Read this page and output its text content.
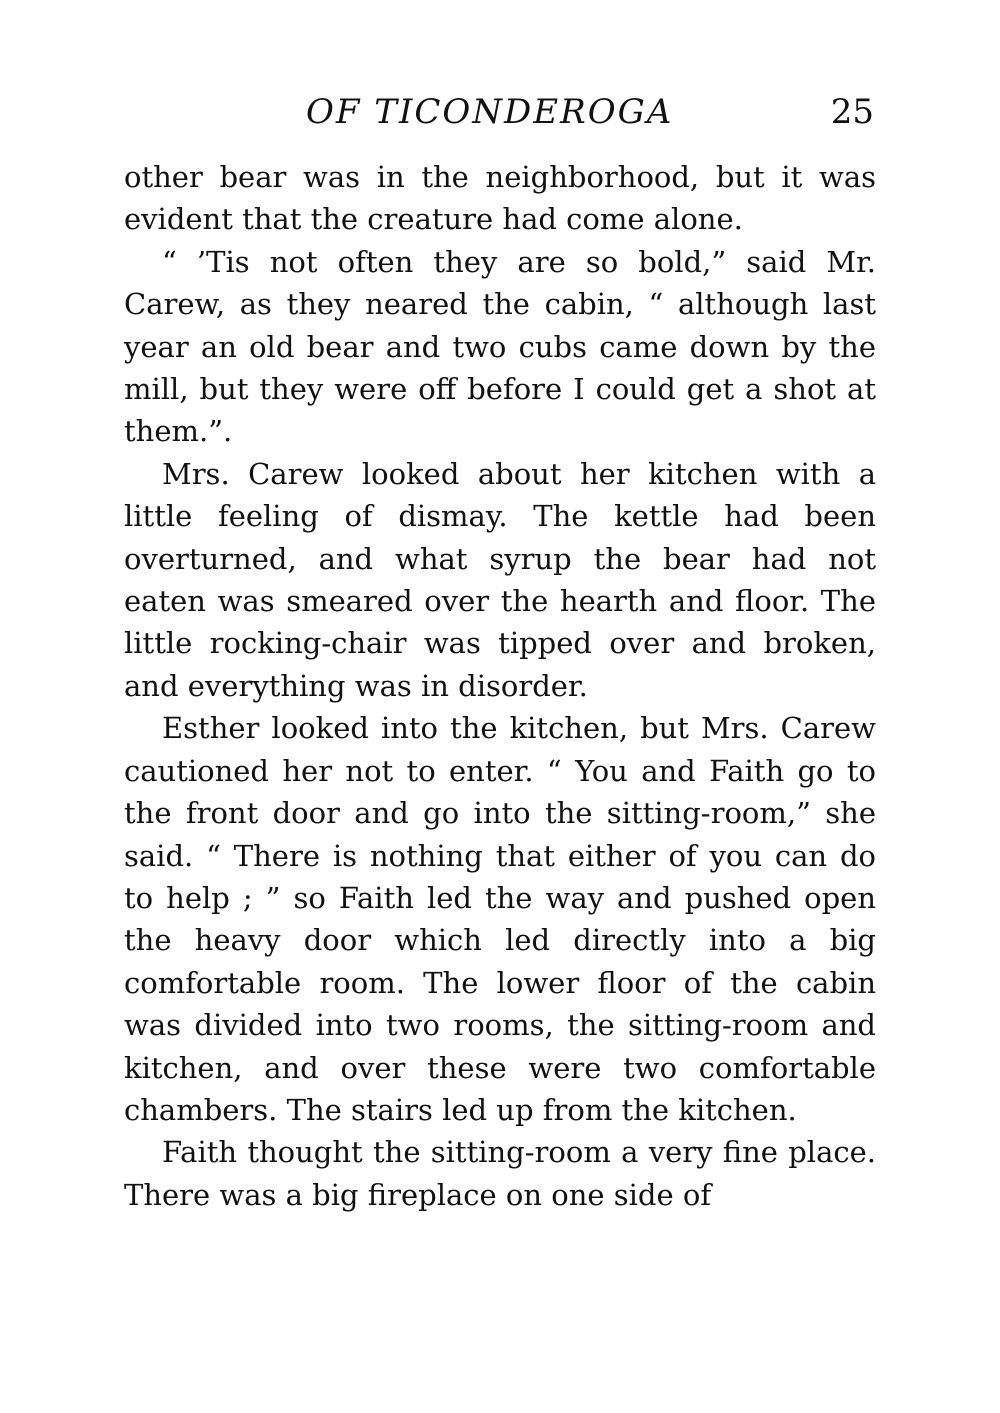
OF TICONDEROGA	25

other bear was in the neighborhood, but it was evident that the creature had come alone.

“ ’Tis not often they are so bold,” said Mr. Carew, as they neared the cabin, “ although last year an old bear and two cubs came down by the mill, but they were off before I could get a shot at them.”.

Mrs. Carew looked about her kitchen with a little feeling of dismay. The kettle had been overturned, and what syrup the bear had not eaten was smeared over the hearth and floor. The little rocking-chair was tipped over and broken, and everything was in disorder.

Esther looked into the kitchen, but Mrs. Carew cautioned her not to enter. “ You and Faith go to the front door and go into the sitting-room,” she said. “ There is nothing that either of you can do to help ; ” so Faith led the way and pushed open the heavy door which led directly into a big comfortable room. The lower floor of the cabin was divided into two rooms, the sitting-room and kitchen, and over these were two comfortable chambers. The stairs led up from the kitchen.

Faith thought the sitting-room a very fine place. There was a big fireplace on one side of
